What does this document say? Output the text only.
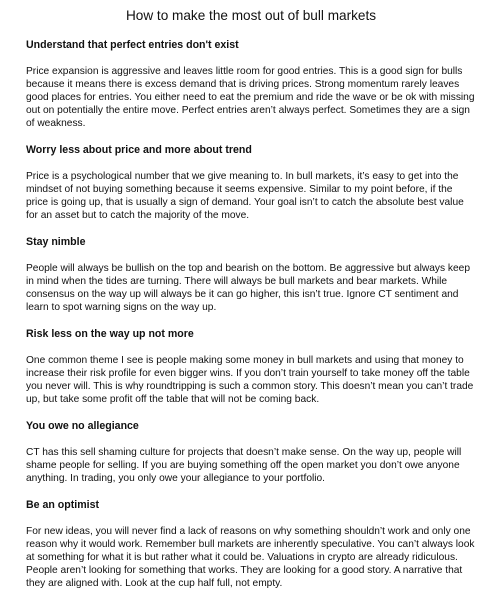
How to make the most out of bull markets
Understand that perfect entries don't exist

Price expansion is aggressive and leaves little room for good entries. This is a good sign for bulls because it means there is excess demand that is driving prices. Strong momentum rarely leaves good places for entries. You either need to eat the premium and ride the wave or be ok with missing out on potentially the entire move. Perfect entries aren’t always perfect. Sometimes they are a sign of weakness.

Worry less about price and more about trend

Price is a psychological number that we give meaning to. In bull markets, it’s easy to get into the mindset of not buying something because it seems expensive. Similar to my point before, if the price is going up, that is usually a sign of demand. Your goal isn’t to catch the absolute best value for an asset but to catch the majority of the move.

Stay nimble

People will always be bullish on the top and bearish on the bottom. Be aggressive but always keep in mind when the tides are turning. There will always be bull markets and bear markets. While consensus on the way up will always be it can go higher, this isn’t true. Ignore CT sentiment and learn to spot warning signs on the way up.

Risk less on the way up not more

One common theme I see is people making some money in bull markets and using that money to increase their risk profile for even bigger wins. If you don’t train yourself to take money off the table you never will. This is why roundtripping is such a common story. This doesn’t mean you can’t trade up, but take some profit off the table that will not be coming back.

You owe no allegiance

CT has this sell shaming culture for projects that doesn’t make sense. On the way up, people will shame people for selling. If you are buying something off the open market you don’t owe anyone anything. In trading, you only owe your allegiance to your portfolio.

Be an optimist

For new ideas, you will never find a lack of reasons on why something shouldn’t work and only one reason why it would work. Remember bull markets are inherently speculative. You can’t always look at something for what it is but rather what it could be. Valuations in crypto are already ridiculous. People aren’t looking for something that works. They are looking for a good story. A narrative that they are aligned with. Look at the cup half full, not empty.
